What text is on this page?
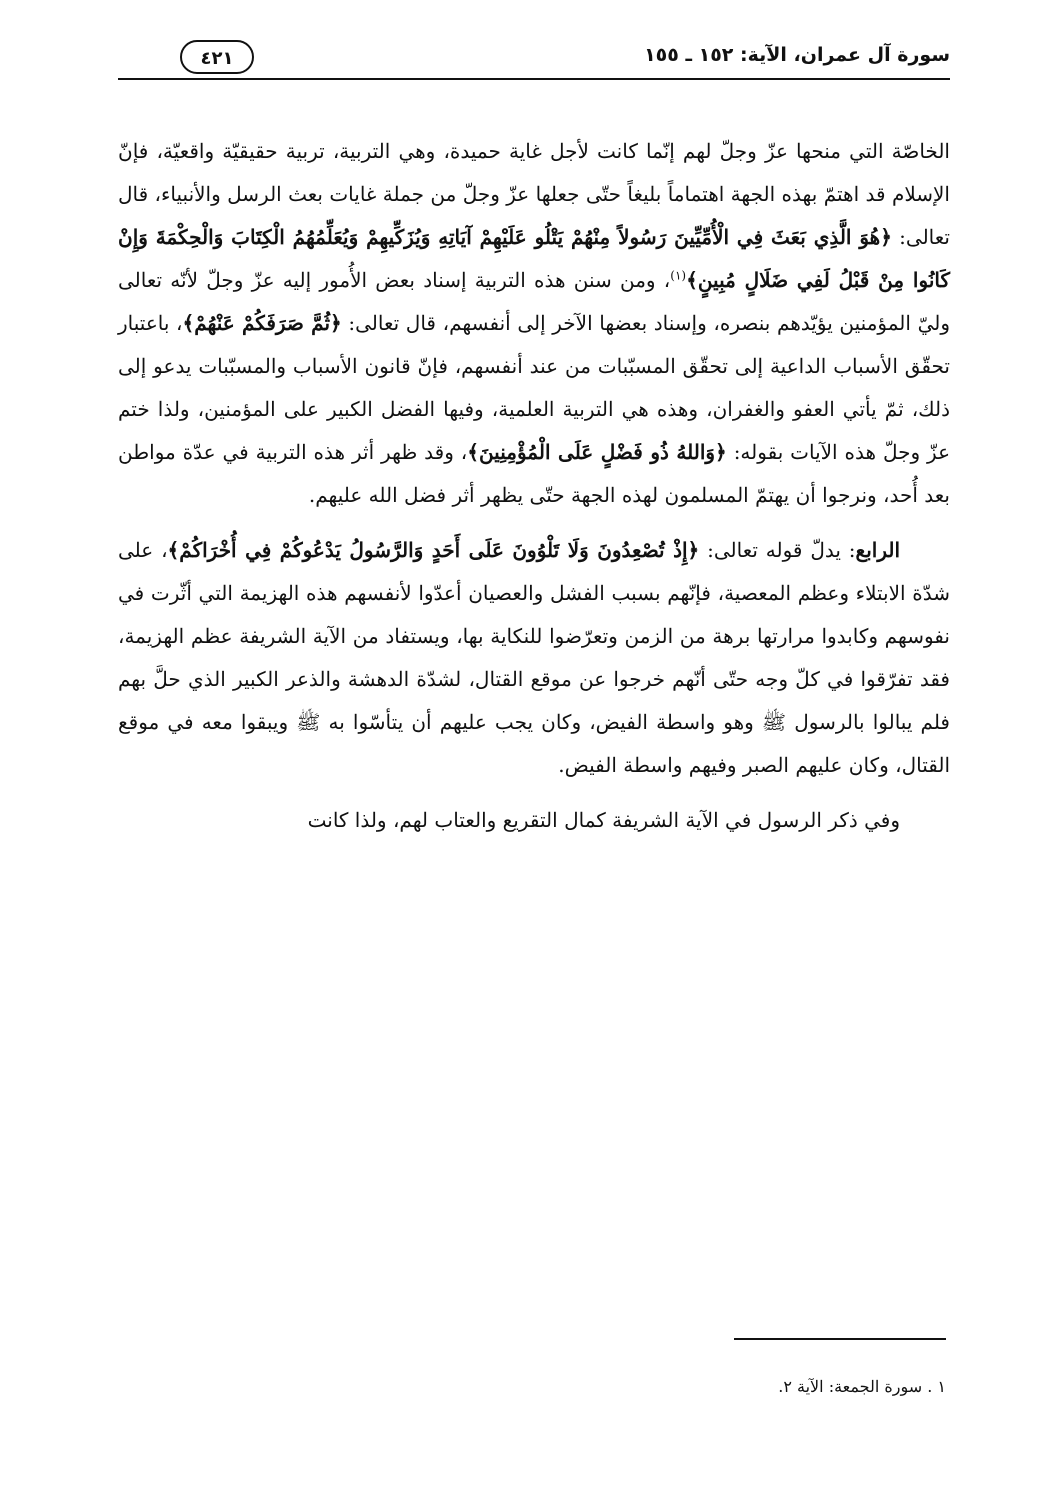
سورة آل عمران، الآية: ١٥٢ ـ ١٥٥
٤٢١

الخاصّة التي منحها عزّ وجلّ لهم إنّما كانت لأجل غاية حميدة، وهي التربية، تربية حقيقيّة واقعيّة، فإنّ الإسلام قد اهتمّ بهذه الجهة اهتماماً بليغاً حتّى جعلها عزّ وجلّ من جملة غايات بعث الرسل والأنبياء، قال تعالى: ﴿هُوَ الَّذِي بَعَثَ فِي الْأُمِّيِّينَ رَسُولاً مِنْهُمْ يَتْلُو عَلَيْهِمْ آيَاتِهِ وَيُزَكِّيهِمْ وَيُعَلِّمُهُمُ الْكِتَابَ وَالْحِكْمَةَ وَإِنْ كَانُوا مِنْ قَبْلُ لَفِي ضَلَالٍ مُبِينٍ﴾$^{(١)}$، ومن سنن هذه التربية إسناد بعض الأُمور إليه عزّ وجلّ لأنّه تعالى وليّ المؤمنين يؤيّدهم بنصره، وإسناد بعضها الآخر إلى أنفسهم، قال تعالى: ﴿ثُمَّ صَرَفَكُمْ عَنْهُمْ﴾، باعتبار تحقّق الأسباب الداعية إلى تحقّق المسبّبات من عند أنفسهم، فإنّ قانون الأسباب والمسبّبات يدعو إلى ذلك، ثمّ يأتي العفو والغفران، وهذه هي التربية العلمية، وفيها الفضل الكبير على المؤمنين، ولذا ختم عزّ وجلّ هذه الآيات بقوله: ﴿وَاللهُ ذُو فَضْلٍ عَلَى الْمُؤْمِنِينَ﴾، وقد ظهر أثر هذه التربية في عدّة مواطن بعد أُحد، ونرجوا أن يهتمّ المسلمون لهذه الجهة حتّى يظهر أثر فضل الله عليهم.

الرابع: يدلّ قوله تعالى: ﴿إِذْ تُصْعِدُونَ وَلَا تَلْوُونَ عَلَى أَحَدٍ وَالرَّسُولُ يَدْعُوكُمْ فِي أُخْرَاكُمْ﴾، على شدّة الابتلاء وعظم المعصية، فإنّهم بسبب الفشل والعصيان أعدّوا لأنفسهم هذه الهزيمة التي أثّرت في نفوسهم وكابدوا مرارتها برهة من الزمن وتعرّضوا للنكاية بها، ويستفاد من الآية الشريفة عظم الهزيمة، فقد تفرّقوا في كلّ وجه حتّى أنّهم خرجوا عن موقع القتال، لشدّة الدهشة والذعر الكبير الذي حلَّ بهم فلم يبالوا بالرسول ﷺ وهو واسطة الفيض، وكان يجب عليهم أن يتأسّوا به ﷺ ويبقوا معه في موقع القتال، وكان عليهم الصبر وفيهم واسطة الفيض.

وفي ذكر الرسول في الآية الشريفة كمال التقريع والعتاب لهم، ولذا كانت

١ . سورة الجمعة: الآية ٢.
